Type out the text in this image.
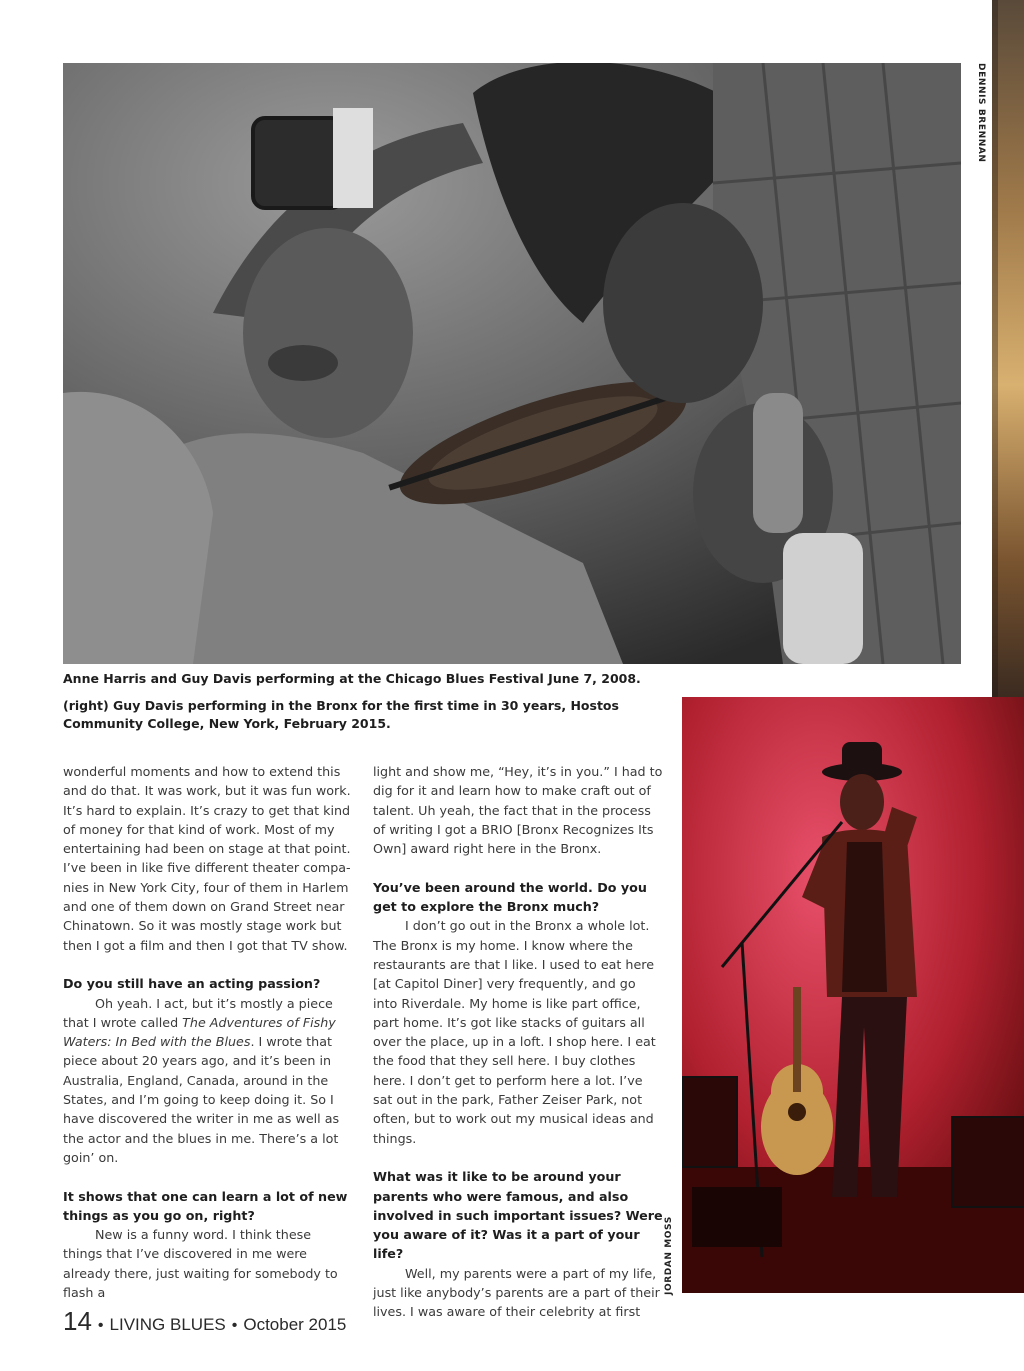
DENNIS BRENNAN
Anne Harris and Guy Davis performing at the Chicago Blues Festival June 7, 2008.
(right) Guy Davis performing in the Bronx for the first time in 30 years, Hostos Community College, New York, February 2015.
JORDAN MOSS

wonderful moments and how to extend this and do that. It was work, but it was fun work. It’s hard to explain. It’s crazy to get that kind of money for that kind of work. Most of my entertaining had been on stage at that point. I’ve been in like five different theater compa-nies in New York City, four of them in Harlem and one of them down on Grand Street near Chinatown. So it was mostly stage work but then I got a film and then I got that TV show.

Do you still have an acting passion?

Oh yeah. I act, but it’s mostly a piece that I wrote called The Adventures of Fishy Waters: In Bed with the Blues. I wrote that piece about 20 years ago, and it’s been in Australia, England, Canada, around in the States, and I’m going to keep doing it. So I have discovered the writer in me as well as the actor and the blues in me. There’s a lot goin’ on.

It shows that one can learn a lot of new things as you go on, right?

New is a funny word. I think these things that I’ve discovered in me were already there, just waiting for somebody to flash a

light and show me, “Hey, it’s in you.” I had to dig for it and learn how to make craft out of talent. Uh yeah, the fact that in the process of writing I got a BRIO [Bronx Recognizes Its Own] award right here in the Bronx.

You’ve been around the world. Do you get to explore the Bronx much?

I don’t go out in the Bronx a whole lot. The Bronx is my home. I know where the restaurants are that I like. I used to eat here [at Capitol Diner] very frequently, and go into Riverdale. My home is like part office, part home. It’s got like stacks of guitars all over the place, up in a loft. I shop here. I eat the food that they sell here. I buy clothes here. I don’t get to perform here a lot. I’ve sat out in the park, Father Zeiser Park, not often, but to work out my musical ideas and things.

What was it like to be around your parents who were famous, and also involved in such important issues? Were you aware of it? Was it a part of your life?

Well, my parents were a part of my life, just like anybody’s parents are a part of their lives. I was aware of their celebrity at first

14 • LIVING BLUES • October 2015
